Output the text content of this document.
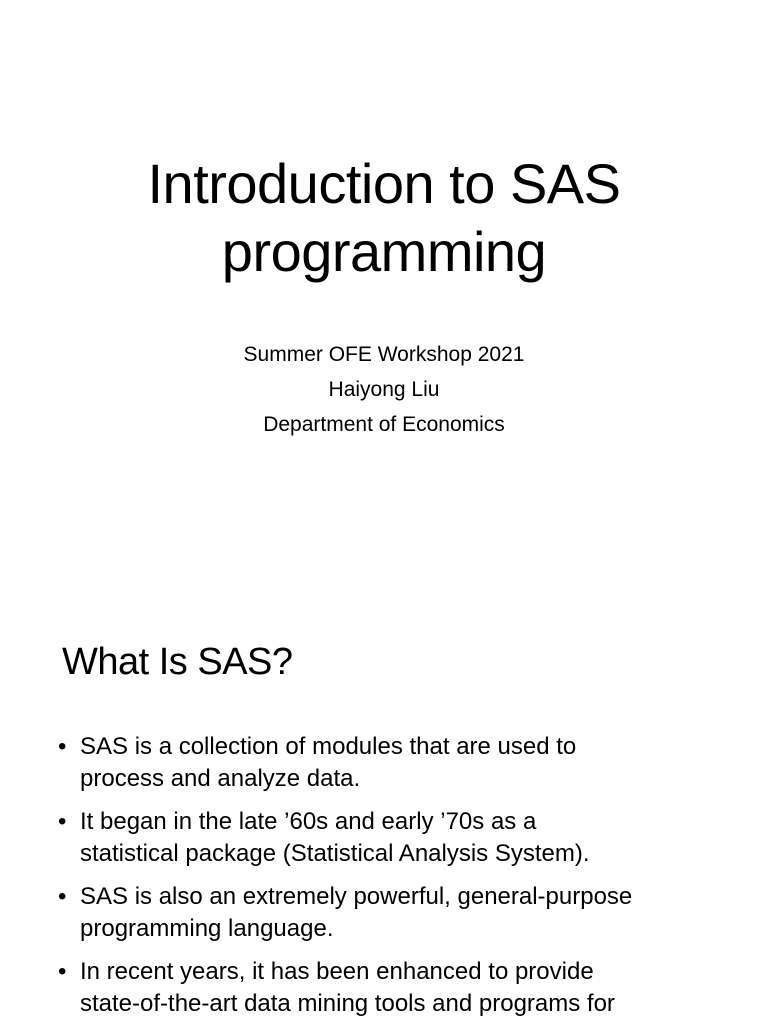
Introduction to SAS
programming
Summer OFE Workshop 2021
Haiyong Liu
Department of Economics
What Is SAS?
• SAS is a collection of modules that are used to
process and analyze data.
• It began in the late ’60s and early ’70s as a
statistical package (Statistical Analysis System).
• SAS is also an extremely powerful, general-purpose
programming language.
• In recent years, it has been enhanced to provide
state-of-the-art data mining tools and programs for
